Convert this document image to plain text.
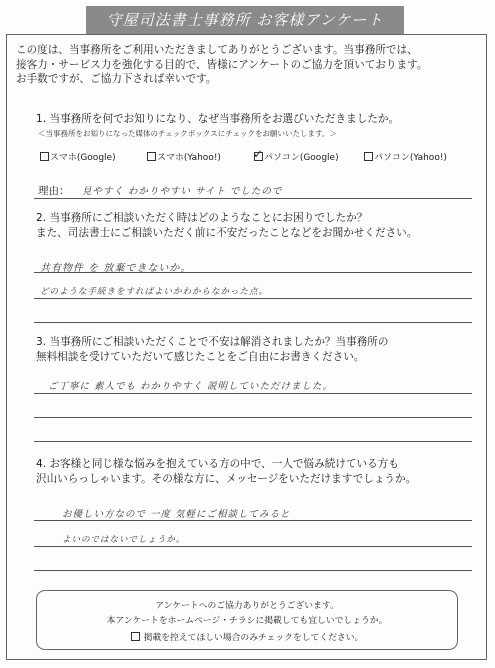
守屋司法書士事務所 お客様アンケート
この度は、当事務所をご利用いただきましてありがとうございます。当事務所では、
接客力・サービス力を強化する目的で、皆様にアンケートのご協力を頂いております。
お手数ですが、ご協力下されば幸いです。
1. 当事務所を何でお知りになり、なぜ当事務所をお選びいただきましたか。
＜当事務所をお知りになった媒体のチェックボックスにチェックをお願いいたします。＞
スマホ(Google)	スマホ(Yahoo!)	✓ パソコン(Google)	パソコン(Yahoo!)
理由： 見やすく わかりやすい サイト でしたので
2. 当事務所にご相談いただく時はどのようなことにお困りでしたか？
また、司法書士にご相談いただく前に不安だったことなどをお聞かせください。
共有物件 を 放棄できないか。
どのような手続きをすればよいかわからなかった点。
3. 当事務所にご相談いただくことで不安は解消されましたか？当事務所の
無料相談を受けていただいて感じたことをご自由にお書きください。
ご丁寧に 素人でも わかりやすく 説明していただけました。
4. お客様と同じ様な悩みを抱えている方の中で、一人で悩み続けている方も
沢山いらっしゃいます。その様な方に、メッセージをいただけますでしょうか。
お優しい方なので 一度 気軽にご相談してみると
よいのではないでしょうか。
アンケートへのご協力ありがとうございます。
本アンケートをホームページ・チラシに掲載しても宜しいでしょうか。
掲載を控えてほしい場合のみチェックをしてください。
